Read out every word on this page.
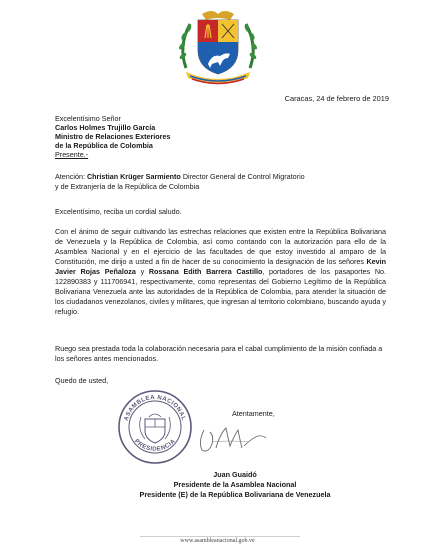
Caracas, 24 de febrero de 2019
Excelentísimo Señor
Carlos Holmes Trujillo García
Ministro de Relaciones Exteriores
de la República de Colombia
Presente.-
Atención: Christian Krüger Sarmiento Director General de Control Migratorio
y de Extranjería de la República de Colombia
Excelentísimo, reciba un cordial saludo.
Con el ánimo de seguir cultivando las estrechas relaciones que existen entre la República Bolivariana de Venezuela y la República de Colombia, así como contando con la autorización para ello de la Asamblea Nacional y en el ejercicio de las facultades de que estoy investido al amparo de la Constitución, me dirijo a usted a fin de hacer de su conocimiento la designación de los señores Kevin Javier Rojas Peñaloza y Rossana Edith Barrera Castillo, portadores de los pasaportes No. 122890383 y 111706941, respectivamente, como representas del Gobierno Legítimo de la República Bolivariana Venezuela ante las autoridades de la República de Colombia, para atender la situación de los ciudadanos venezolanos, civiles y militares, que ingresan al territorio colombiano, buscando ayuda y refugio.
Ruego sea prestada toda la colaboración necesaria para el cabal cumplimiento de la misión confiada a los señores antes mencionados.
Quedo de usted,
ASAMBLEA NACIONAL
PRESIDENCIA
Atentamente,
Juan Guaidó
Presidente de la Asamblea Nacional
Presidente (E) de la República Bolivariana de Venezuela
www.asambleanacional.gob.ve
